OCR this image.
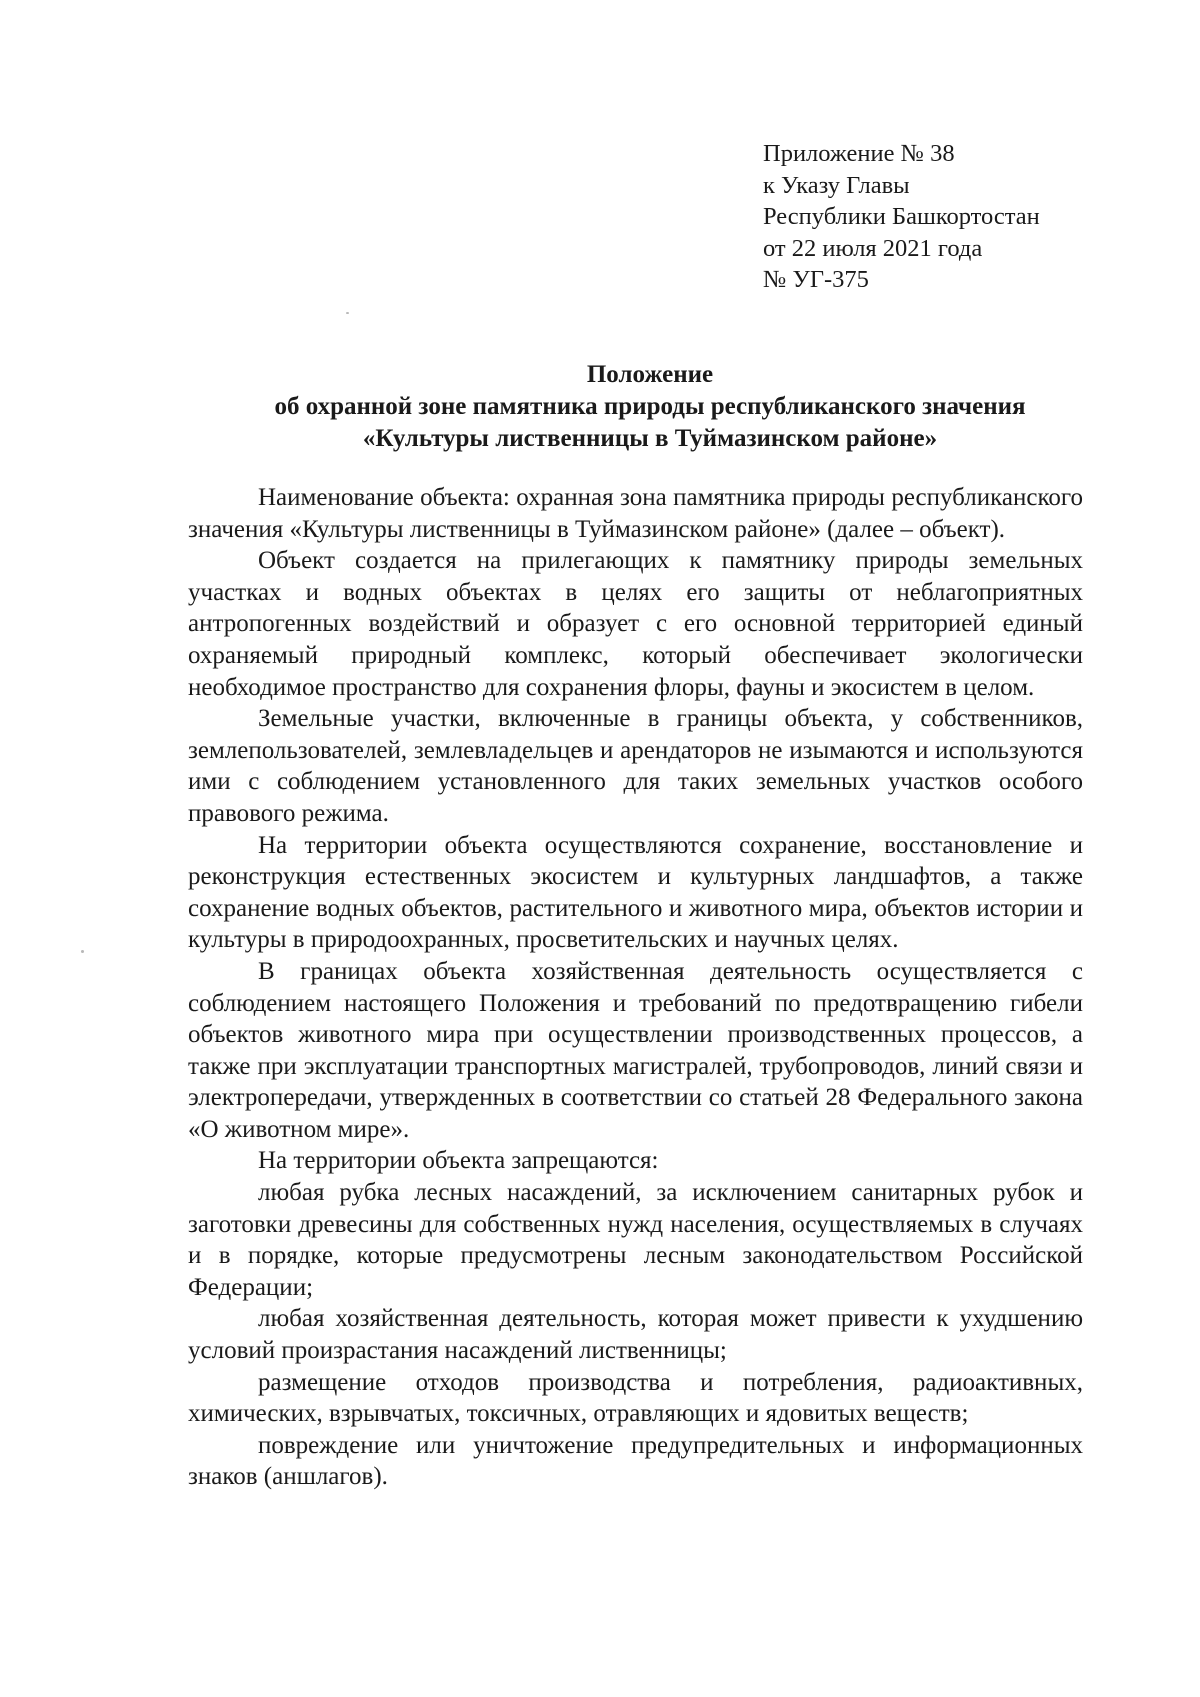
Приложение № 38
к Указу Главы
Республики Башкортостан
от 22 июля 2021 года
№ УГ-375
Положение
об охранной зоне памятника природы республиканского значения
«Культуры лиственницы в Туймазинском районе»

Наименование объекта: охранная зона памятника природы республиканского значения «Культуры лиственницы в Туймазинском районе» (далее – объект).

Объект создается на прилегающих к памятнику природы земельных участках и водных объектах в целях его защиты от неблагоприятных антропогенных воздействий и образует с его основной территорией единый охраняемый природный комплекс, который обеспечивает экологически необходимое пространство для сохранения флоры, фауны и экосистем в целом.

Земельные участки, включенные в границы объекта, у собственников, землепользователей, землевладельцев и арендаторов не изымаются и используются ими с соблюдением установленного для таких земельных участков особого правового режима.

На территории объекта осуществляются сохранение, восстановление и реконструкция естественных экосистем и культурных ландшафтов, а также сохранение водных объектов, растительного и животного мира, объектов истории и культуры в природоохранных, просветительских и научных целях.

В границах объекта хозяйственная деятельность осуществляется с соблюдением настоящего Положения и требований по предотвращению гибели объектов животного мира при осуществлении производственных процессов, а также при эксплуатации транспортных магистралей, трубопроводов, линий связи и электропередачи, утвержденных в соответствии со статьей 28 Федерального закона «О животном мире».

На территории объекта запрещаются:

любая рубка лесных насаждений, за исключением санитарных рубок и заготовки древесины для собственных нужд населения, осуществляемых в случаях и в порядке, которые предусмотрены лесным законодательством Российской Федерации;

любая хозяйственная деятельность, которая может привести к ухудшению условий произрастания насаждений лиственницы;

размещение отходов производства и потребления, радиоактивных, химических, взрывчатых, токсичных, отравляющих и ядовитых веществ;

повреждение или уничтожение предупредительных и информационных знаков (аншлагов).
